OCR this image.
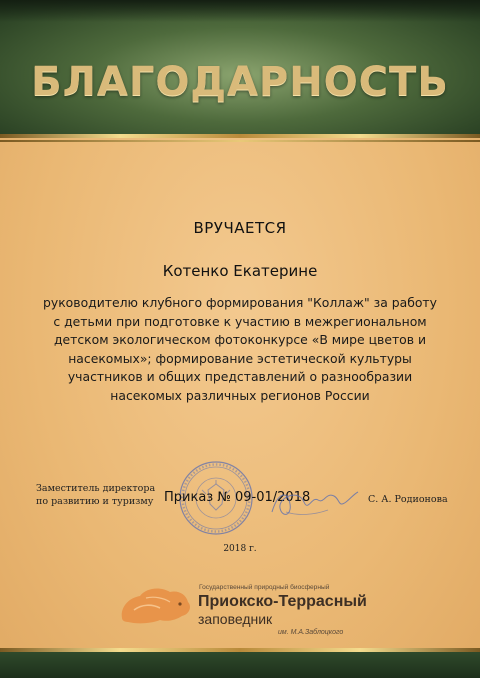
БЛАГОДАРНОСТЬ
ВРУЧАЕТСЯ
Котенко Екатерине
руководителю клубного формирования "Коллаж" за работу с детьми при подготовке к участию в межрегиональном детском экологическом фотоконкурсе «В мире цветов и насекомых»; формирование эстетической культуры участников и общих представлений о разнообразии насекомых различных регионов России
Заместитель директора
по развитию и туризму Приказ № 09-01/2018	С. А. Родионова
2018 г.
Государственный природный биосферный
Приокско-Террасный
заповедник
им. М.А.Заблоцкого
